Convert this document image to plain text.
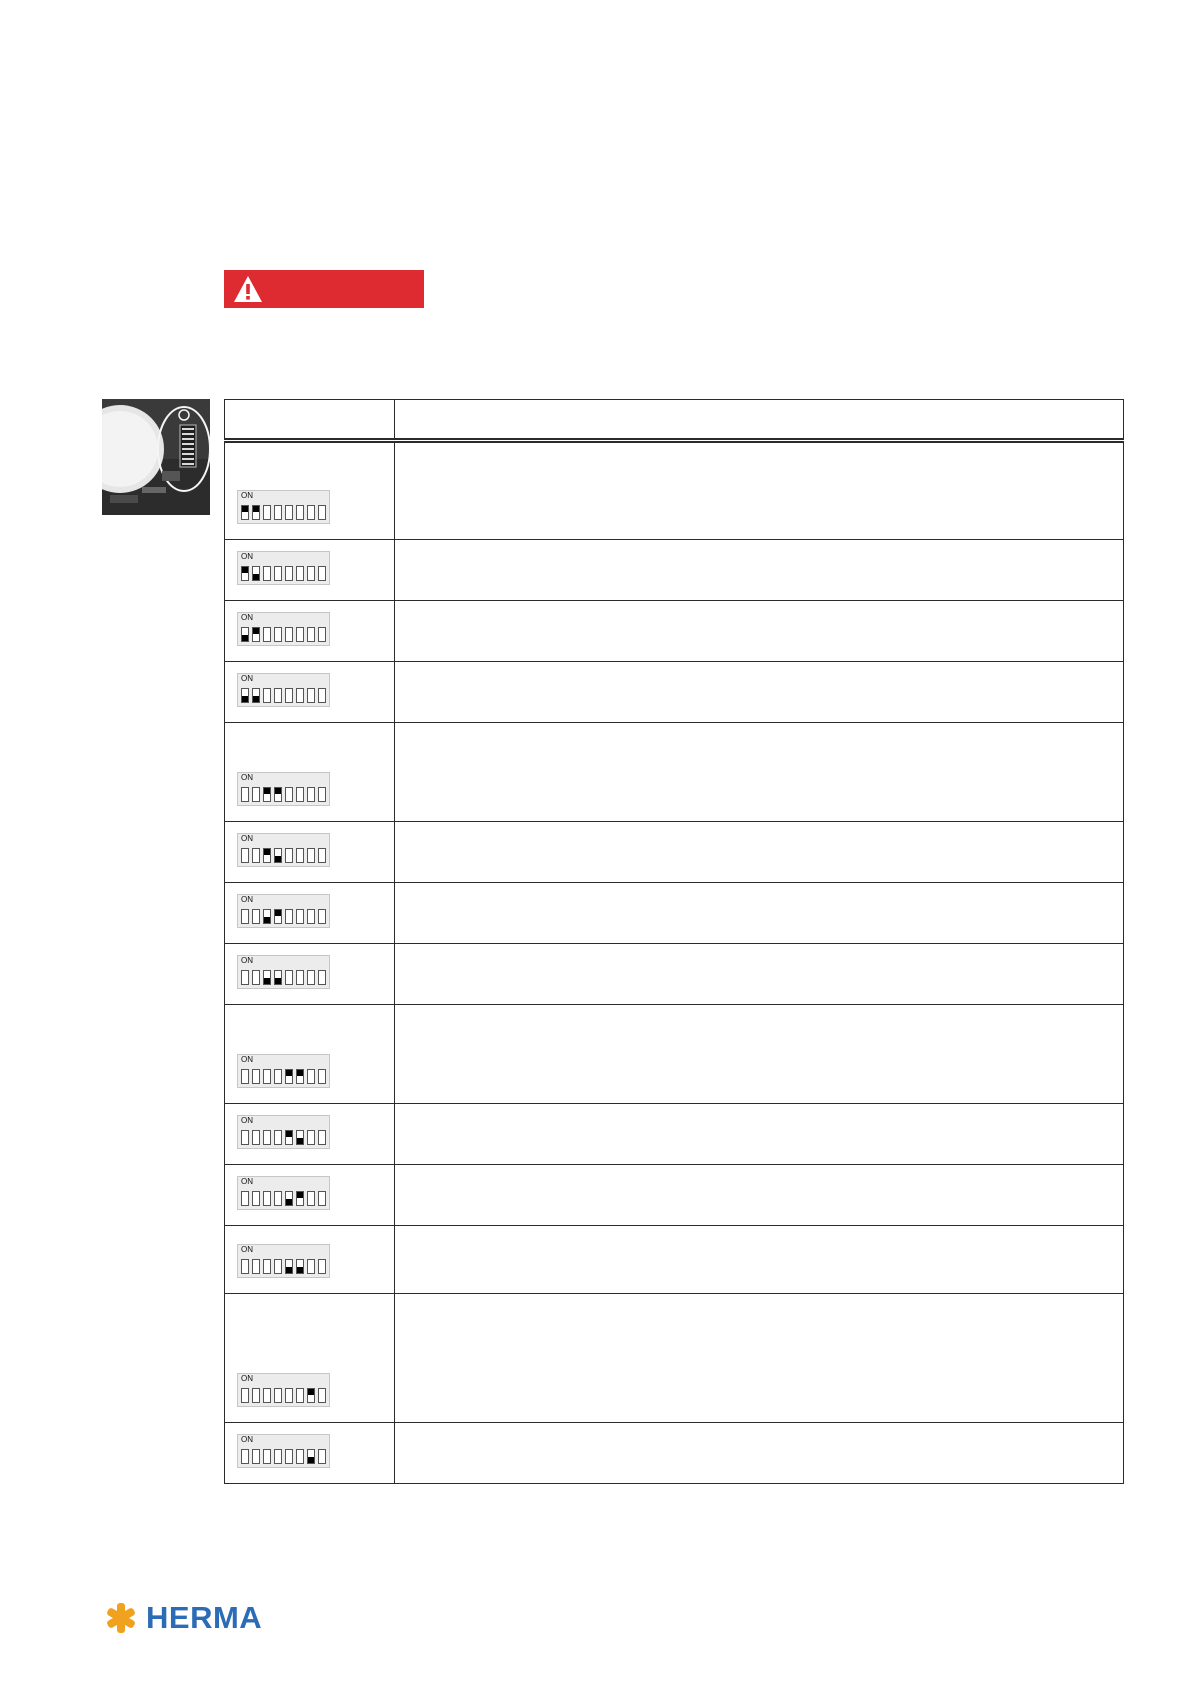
ON	

ON	

ON	

ON	

ON	

ON	

ON	

ON	

ON	

ON	

ON	

ON	

ON	

ON	

HERMA
